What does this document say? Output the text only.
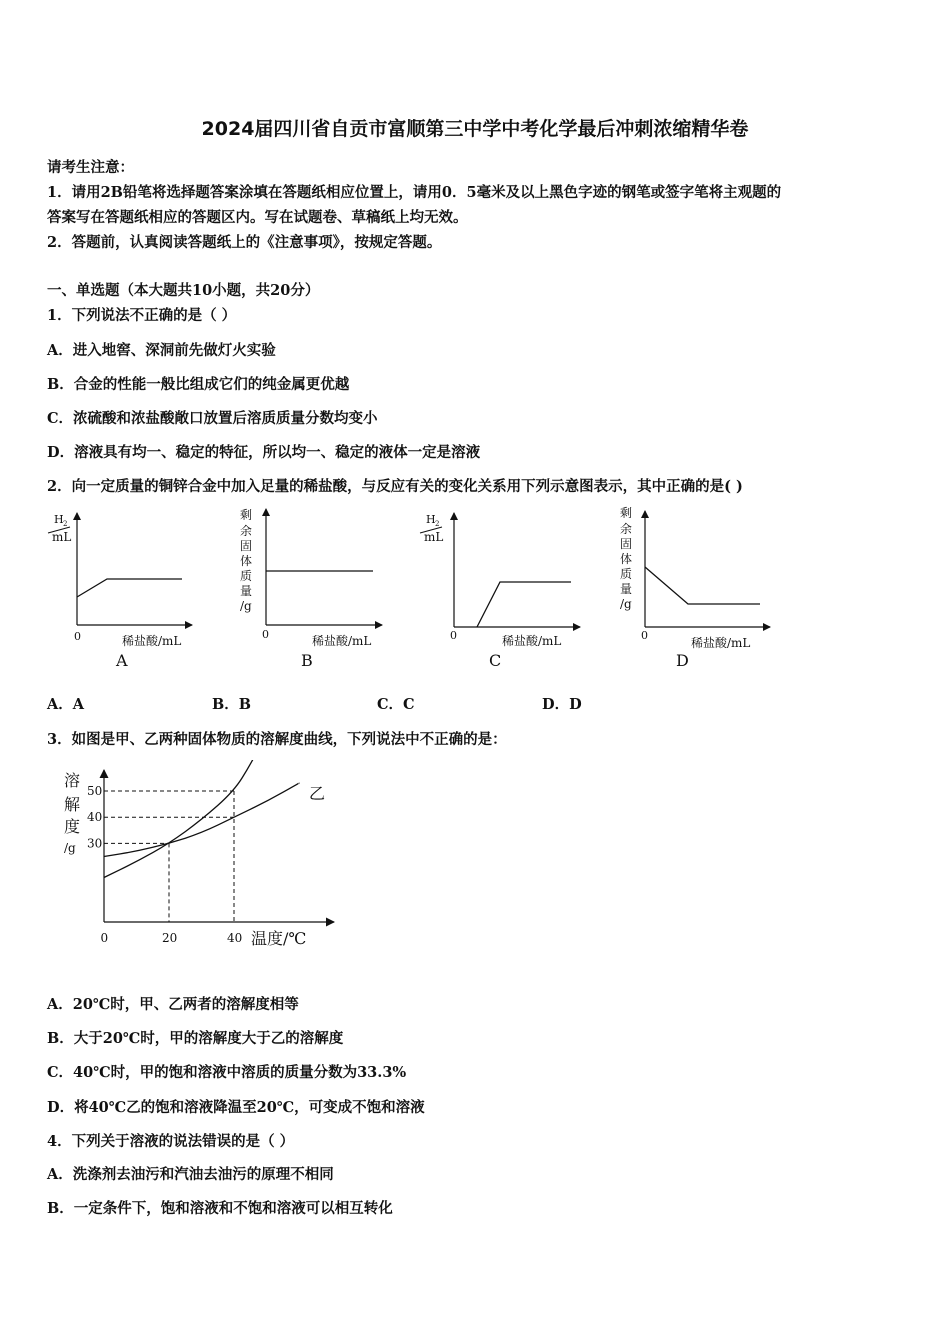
2024届四川省自贡市富顺第三中学中考化学最后冲刺浓缩精华卷
请考生注意：
1．请用2B铅笔将选择题答案涂填在答题纸相应位置上，请用0．5毫米及以上黑色字迹的钢笔或签字笔将主观题的
答案写在答题纸相应的答题区内。写在试题卷、草稿纸上均无效。
2．答题前，认真阅读答题纸上的《注意事项》，按规定答题。
一、单选题（本大题共10小题，共20分）
1．下列说法不正确的是（ ）
A．进入地窖、深洞前先做灯火实验
B．合金的性能一般比组成它们的纯金属更优越
C．浓硫酸和浓盐酸敞口放置后溶质质量分数均变小
D．溶液具有均一、稳定的特征，所以均一、稳定的液体一定是溶液
2．向一定质量的铜锌合金中加入足量的稀盐酸，与反应有关的变化关系用下列示意图表示，其中正确的是( )
H 2
mL
0	稀盐酸/mL
A
剩
余
固
体
质
量
/g
0	稀盐酸/mL
B
H 2
mL
0	稀盐酸/mL
C
剩
余
固
体
质
量
/g
0
稀盐酸/mL
D
A．A	B．B	C．C	D．D
3．如图是甲、乙两种固体物质的溶解度曲线，下列说法中不正确的是：
溶
解
度
/g 30
40
50
0	20	40 温度/℃
乙
A．20℃时，甲、乙两者的溶解度相等
B．大于20℃时，甲的溶解度大于乙的溶解度
C．40℃时，甲的饱和溶液中溶质的质量分数为33.3%
D．将40℃乙的饱和溶液降温至20℃，可变成不饱和溶液
4．下列关于溶液的说法错误的是（ ）
A．洗涤剂去油污和汽油去油污的原理不相同
B．一定条件下，饱和溶液和不饱和溶液可以相互转化
